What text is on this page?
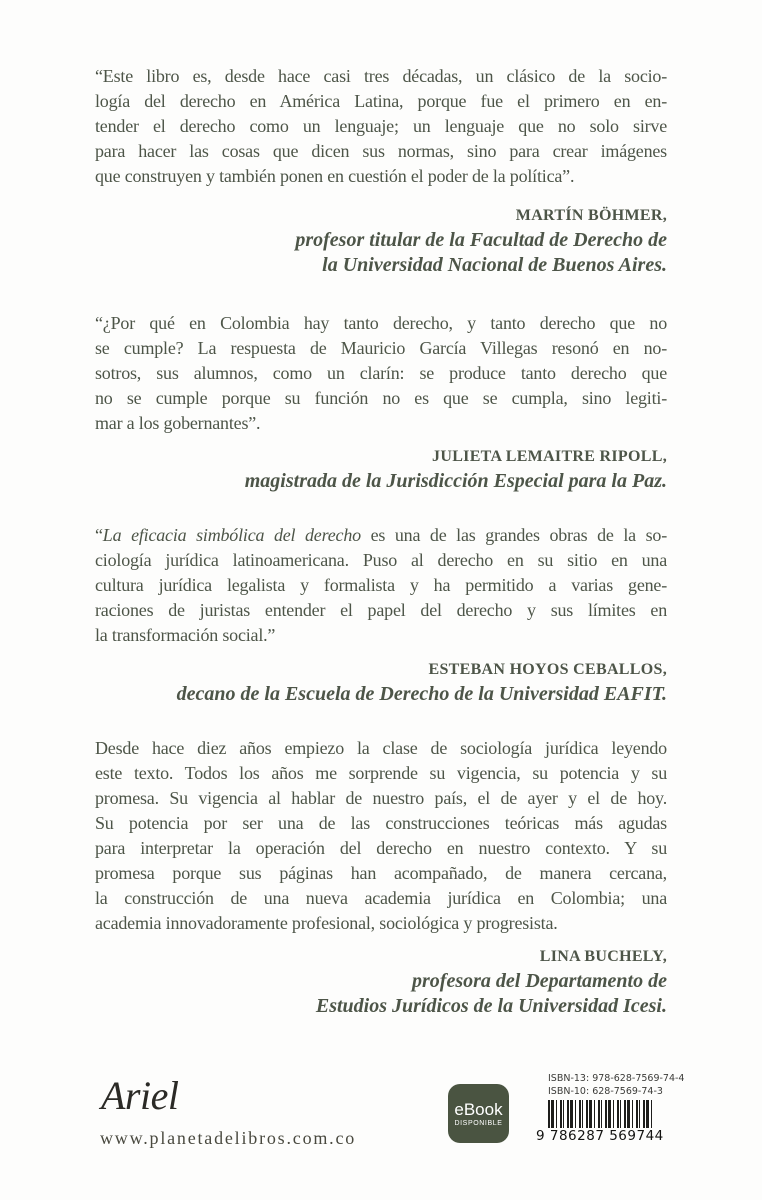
“Este libro es, desde hace casi tres décadas, un clásico de la socio-
logía del derecho en América Latina, porque fue el primero en en-
tender el derecho como un lenguaje; un lenguaje que no solo sirve
para hacer las cosas que dicen sus normas, sino para crear imágenes
que construyen y también ponen en cuestión el poder de la política”.
MARTÍN BÖHMER,
profesor titular de la Facultad de Derecho de
la Universidad Nacional de Buenos Aires.
“¿Por qué en Colombia hay tanto derecho, y tanto derecho que no
se cumple? La respuesta de Mauricio García Villegas resonó en no-
sotros, sus alumnos, como un clarín: se produce tanto derecho que
no se cumple porque su función no es que se cumpla, sino legiti-
mar a los gobernantes”.
JULIETA LEMAITRE RIPOLL,
magistrada de la Jurisdicción Especial para la Paz.
“La eficacia simbólica del derecho es una de las grandes obras de la so-
ciología jurídica latinoamericana. Puso al derecho en su sitio en una
cultura jurídica legalista y formalista y ha permitido a varias gene-
raciones de juristas entender el papel del derecho y sus límites en
la transformación social.”
ESTEBAN HOYOS CEBALLOS,
decano de la Escuela de Derecho de la Universidad EAFIT.
Desde hace diez años empiezo la clase de sociología jurídica leyendo
este texto. Todos los años me sorprende su vigencia, su potencia y su
promesa. Su vigencia al hablar de nuestro país, el de ayer y el de hoy.
Su potencia por ser una de las construcciones teóricas más agudas
para interpretar la operación del derecho en nuestro contexto. Y su
promesa porque sus páginas han acompañado, de manera cercana,
la construcción de una nueva academia jurídica en Colombia; una
academia innovadoramente profesional, sociológica y progresista.
LINA BUCHELY,
profesora del Departamento de
Estudios Jurídicos de la Universidad Icesi.
Ariel
www.planetadelibros.com.co
eBook
DISPONIBLE
ISBN-13: 978-628-7569-74-4
ISBN-10: 628-7569-74-3
9 786287 569744
